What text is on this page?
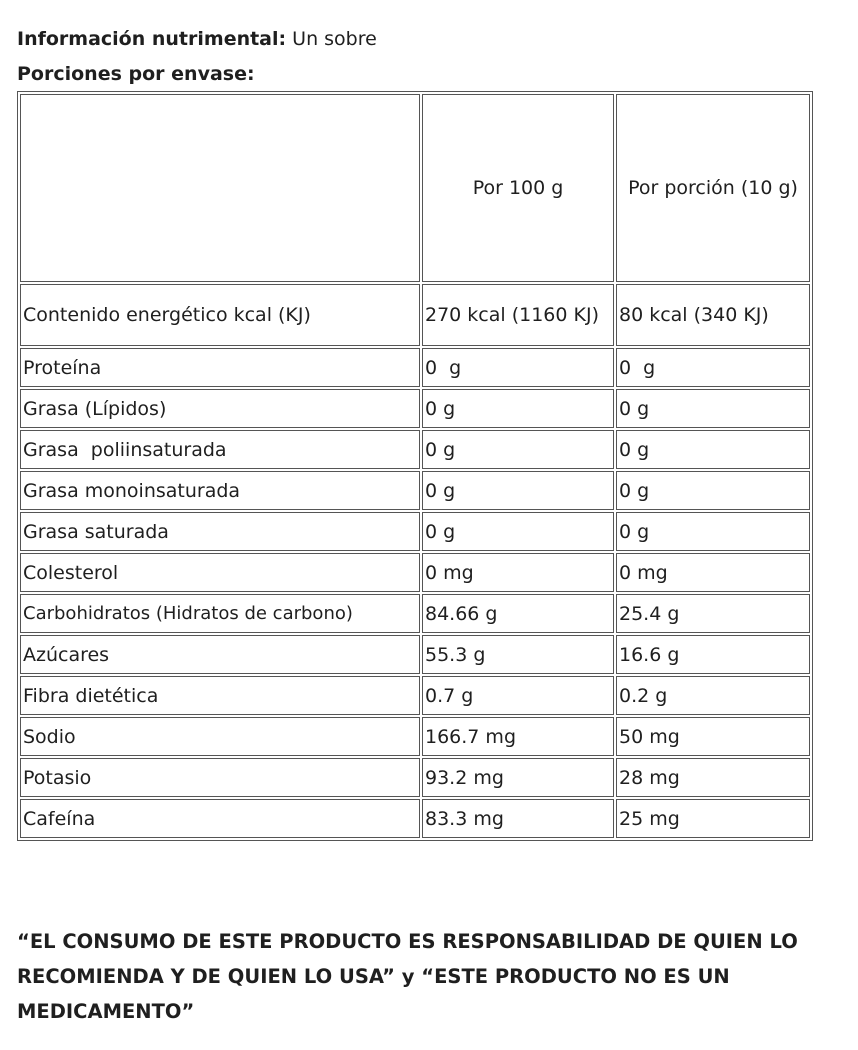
Información nutrimental: Un sobre
Porciones por envase:
	Por 100 g	Por porción (10 g)
Contenido energético kcal (KJ)	270 kcal (1160 KJ)	80 kcal (340 KJ)
Proteína	0  g	0  g
Grasa (Lípidos)	0 g	0 g
Grasa  poliinsaturada	0 g	0 g
Grasa monoinsaturada	0 g	0 g
Grasa saturada	0 g	0 g
Colesterol	0 mg	0 mg
Carbohidratos (Hidratos de carbono)	84.66 g	25.4 g
Azúcares	55.3 g	16.6 g
Fibra dietética	0.7 g	0.2 g
Sodio	166.7 mg	50 mg
Potasio	93.2 mg	28 mg
Cafeína	83.3 mg	25 mg
“EL CONSUMO DE ESTE PRODUCTO ES RESPONSABILIDAD DE QUIEN LO RECOMIENDA Y DE QUIEN LO USA” y “ESTE PRODUCTO NO ES UN MEDICAMENTO”
